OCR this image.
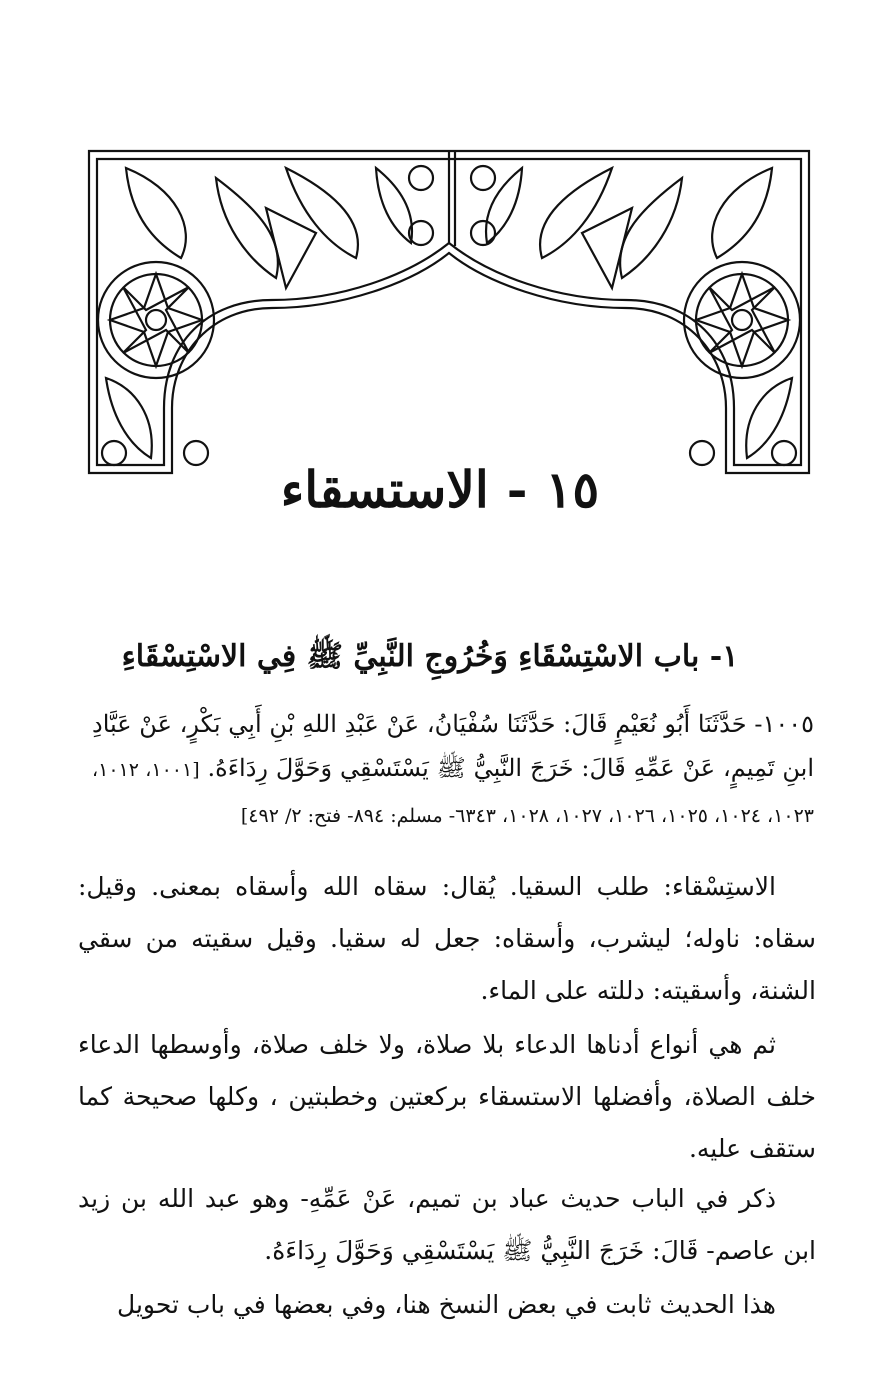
١٥-الاستسقاء
١- باب الاسْتِسْقَاءِ وَخُرُوجِ النَّبِيِّ ﷺ فِي الاسْتِسْقَاءِ
١٠٠٥- حَدَّثَنَا أَبُو نُعَيْمٍ قَالَ: حَدَّثَنَا سُفْيَانُ، عَنْ عَبْدِ اللهِ بْنِ أَبِي بَكْرٍ، عَنْ عَبَّادِ ابنِ تَمِيمٍ، عَنْ عَمِّهِ قَالَ: خَرَجَ النَّبِيُّ ﷺ يَسْتَسْقِي وَحَوَّلَ رِدَاءَهُ. [١٠٠١، ١٠١٢، ١٠٢٣، ١٠٢٤، ١٠٢٥، ١٠٢٦، ١٠٢٧، ١٠٢٨، ٦٣٤٣- مسلم: ٨٩٤- فتح: ٢/ ٤٩٢]

الاستِسْقاء: طلب السقيا. يُقال: سقاه الله وأسقاه بمعنى. وقيل: سقاه: ناوله؛ ليشرب، وأسقاه: جعل له سقيا. وقيل سقيته من سقي الشنة، وأسقيته: دللته على الماء.

ثم هي أنواع أدناها الدعاء بلا صلاة، ولا خلف صلاة، وأوسطها الدعاء خلف الصلاة، وأفضلها الاستسقاء بركعتين وخطبتين ، وكلها صحيحة كما ستقف عليه.

ذكر في الباب حديث عباد بن تميم، عَنْ عَمِّهِ- وهو عبد الله بن زيد ابن عاصم- قَالَ: خَرَجَ النَّبِيُّ ﷺ يَسْتَسْقِي وَحَوَّلَ رِدَاءَهُ.

هذا الحديث ثابت في بعض النسخ هنا، وفي بعضها في باب تحويل
